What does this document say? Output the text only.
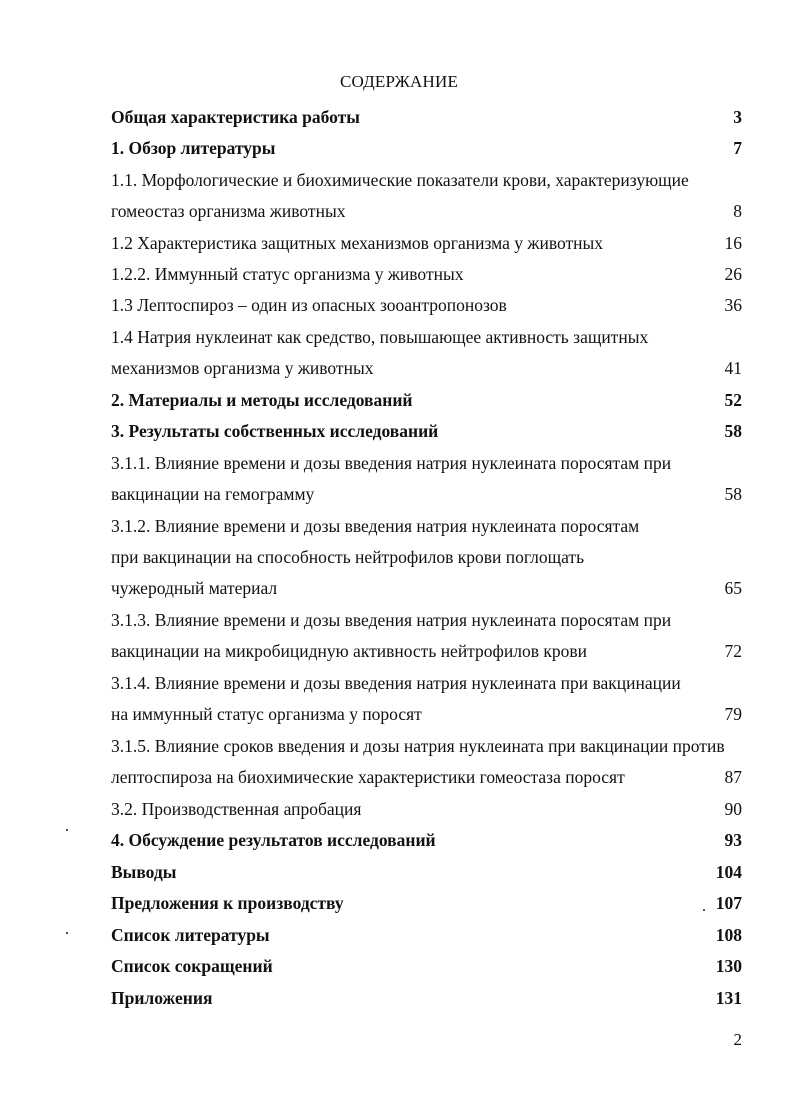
СОДЕРЖАНИЕ
Общая характеристика работы	3
1. Обзор литературы	7
1.1. Морфологические и биохимические показатели крови, характеризующие
гомеостаз организма животных	8
1.2 Характеристика защитных механизмов организма у животных	16
1.2.2. Иммунный статус организма у животных	26
1.3 Лептоспироз – один из опасных зооантропонозов	36
1.4 Натрия нуклеинат как средство, повышающее активность защитных
механизмов организма у животных	41
2. Материалы и методы исследований	52
3. Результаты собственных исследований	58
3.1.1. Влияние времени и дозы введения натрия нуклеината поросятам при
вакцинации на гемограмму	58
3.1.2. Влияние времени и дозы введения натрия нуклеината поросятам
при вакцинации на способность нейтрофилов крови поглощать
чужеродный материал	65
3.1.3. Влияние времени и дозы введения натрия нуклеината поросятам при
вакцинации на микробицидную активность нейтрофилов крови	72
3.1.4. Влияние времени и дозы введения натрия нуклеината при вакцинации
на иммунный статус организма у поросят	79
3.1.5. Влияние сроков введения и дозы натрия нуклеината при вакцинации против
лептоспироза на биохимические характеристики гомеостаза поросят	87
3.2. Производственная апробация	90
4. Обсуждение результатов исследований	93
Выводы	104
Предложения к производству	107
Список литературы	108
Список сокращений	130
Приложения	131
2
